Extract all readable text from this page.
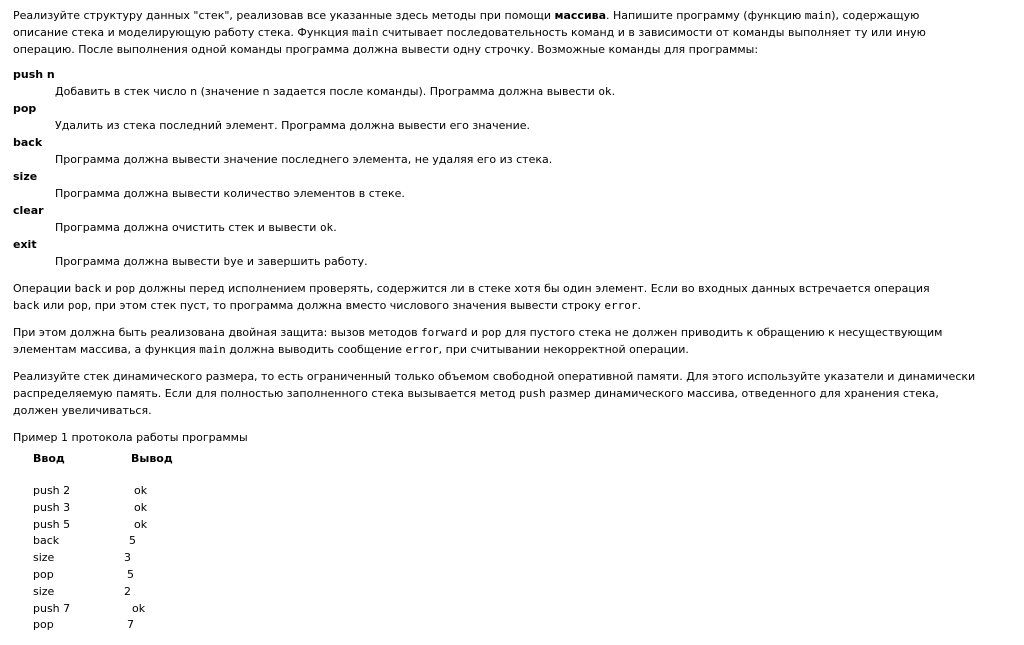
Реализуйте структуру данных "стек", реализовав все указанные здесь методы при помощи массива. Напишите программу (функцию main), содержащую
описание стека и моделирующую работу стека. Функция main считывает последовательность команд и в зависимости от команды выполняет ту или иную
операцию. После выполнения одной команды программа должна вывести одну строчку. Возможные команды для программы:
push n
Добавить в стек число n (значение n задается после команды). Программа должна вывести ok.
pop
Удалить из стека последний элемент. Программа должна вывести его значение.
back
Программа должна вывести значение последнего элемента, не удаляя его из стека.
size
Программа должна вывести количество элементов в стеке.
clear
Программа должна очистить стек и вывести ok.
exit
Программа должна вывести bye и завершить работу.
Операции back и pop должны перед исполнением проверять, содержится ли в стеке хотя бы один элемент. Если во входных данных встречается операция
back или pop, при этом стек пуст, то программа должна вместо числового значения вывести строку error.
При этом должна быть реализована двойная защита: вызов методов forward и pop для пустого стека не должен приводить к обращению к несуществующим
элементам массива, а функция main должна выводить сообщение error, при считывании некорректной операции.
Реализуйте стек динамического размера, то есть ограниченный только объемом свободной оперативной памяти. Для этого используйте указатели и динамически
распределяемую память. Если для полностью заполненного стека вызывается метод push размер динамического массива, отведенного для хранения стека,
должен увеличиваться.
Пример 1 протокола работы программы
Ввод	Вывод
push 2	ok
push 3	ok
push 5	ok
back	5
size	3
pop	5
size	2
push 7	ok
pop	7
